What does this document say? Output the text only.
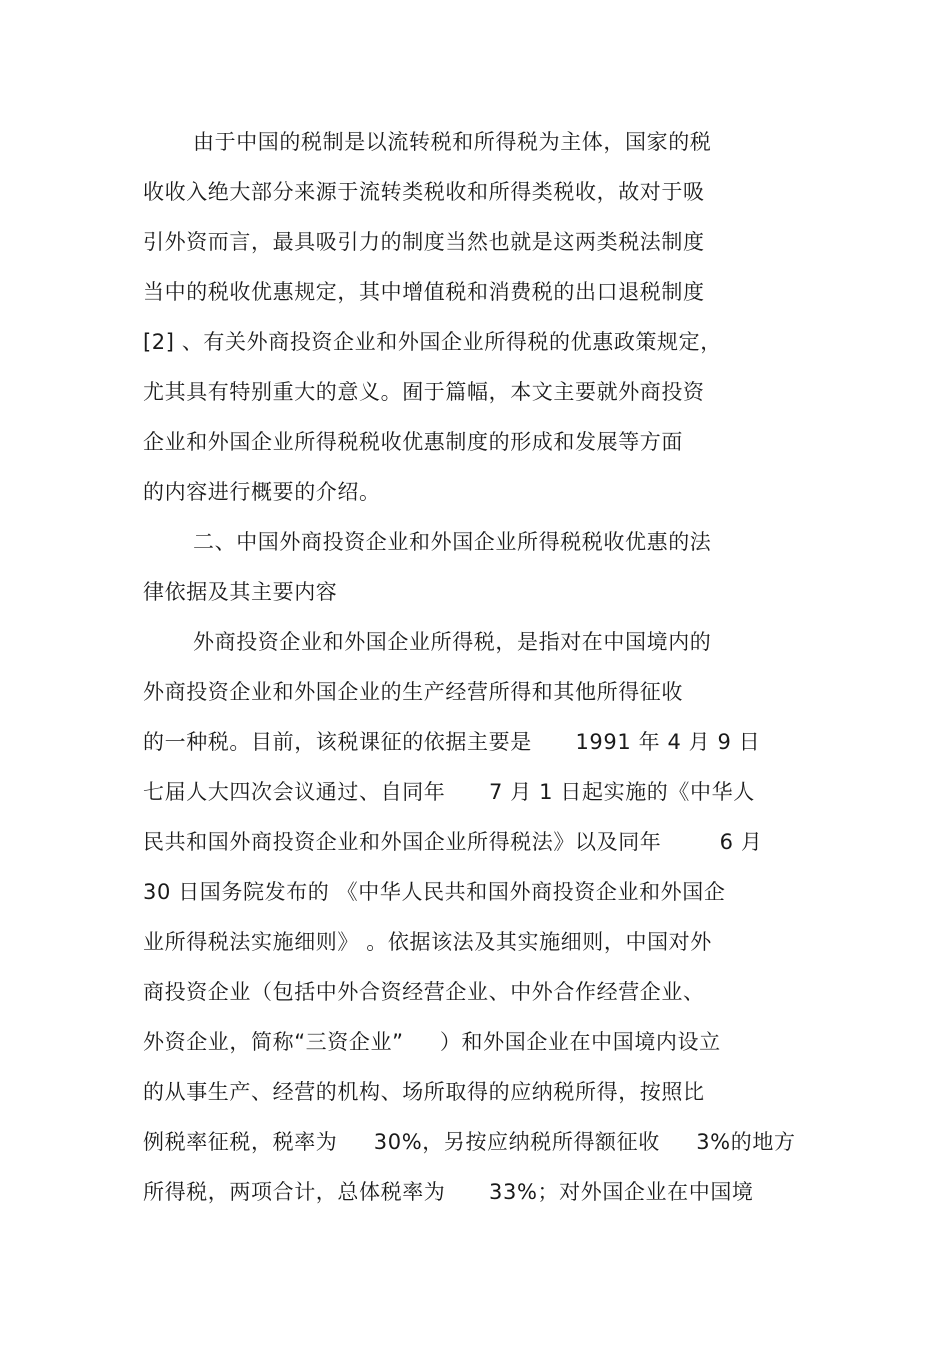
由于中国的税制是以流转税和所得税为主体，国家的税
收收入绝大部分来源于流转类税收和所得类税收，故对于吸
引外资而言，最具吸引力的制度当然也就是这两类税法制度
当中的税收优惠规定，其中增值税和消费税的出口退税制度
[2] 、有关外商投资企业和外国企业所得税的优惠政策规定，
尤其具有特别重大的意义。囿于篇幅，本文主要就外商投资
企业和外国企业所得税税收优惠制度的形成和发展等方面
的内容进行概要的介绍。
二、中国外商投资企业和外国企业所得税税收优惠的法
律依据及其主要内容
外商投资企业和外国企业所得税，是指对在中国境内的
外商投资企业和外国企业的生产经营所得和其他所得征收
的一种税。目前，该税课征的依据主要是      1991 年 4 月 9 日
七届人大四次会议通过、自同年      7 月 1 日起实施的《中华人
民共和国外商投资企业和外国企业所得税法》以及同年        6 月
30 日国务院发布的 《中华人民共和国外商投资企业和外国企
业所得税法实施细则》 。依据该法及其实施细则，中国对外
商投资企业（包括中外合资经营企业、中外合作经营企业、
外资企业，简称“三资企业”     ）和外国企业在中国境内设立
的从事生产、经营的机构、场所取得的应纳税所得，按照比
例税率征税，税率为     30%，另按应纳税所得额征收     3%的地方
所得税，两项合计，总体税率为      33%；对外国企业在中国境
